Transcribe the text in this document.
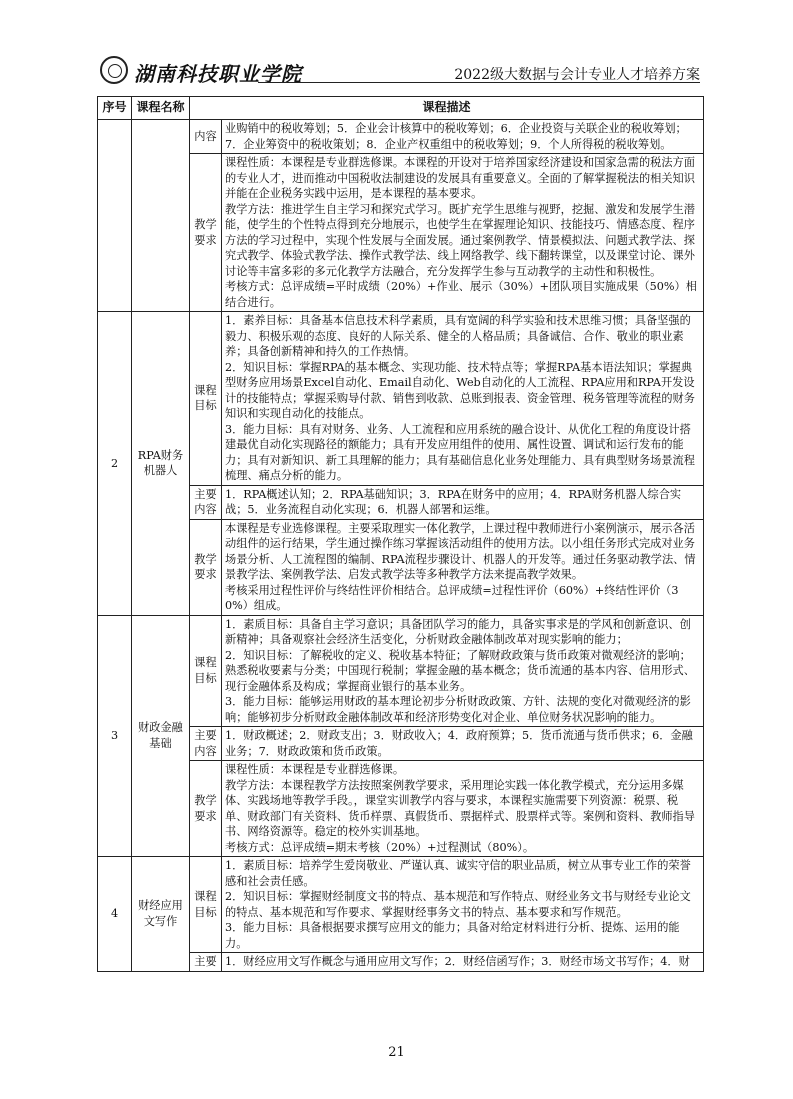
湖南科技职业学院	2022级大数据与会计专业人才培养方案
序号	课程名称	课程描述	
		内容	业购销中的税收筹划；5．企业会计核算中的税收筹划；6．企业投资与关联企业的税收筹划；7．企业筹资中的税收策划；8．企业产权重组中的税收筹划；9．个人所得税的税收筹划。
		教学要求	课程性质：本课程是专业群选修课。本课程的开设对于培养国家经济建设和国家急需的税法方面的专业人才，进而推动中国税收法制建设的发展具有重要意义。全面的了解掌握税法的相关知识并能在企业税务实践中运用，是本课程的基本要求。

教学方法：推进学生自主学习和探究式学习。既扩充学生思维与视野，挖掘、激发和发展学生潜能，使学生的个性特点得到充分地展示，也使学生在掌握理论知识、技能技巧、情感态度、程序方法的学习过程中，实现个性发展与全面发展。通过案例教学、情景模拟法、问题式教学法、探究式教学、体验式教学法、操作式教学法、线上网络教学、线下翻转课堂，以及课堂讨论、课外讨论等丰富多彩的多元化教学方法融合，充分发挥学生参与互动教学的主动性和积极性。

考核方式：总评成绩=平时成绩（20%）+作业、展示（30%）+团队项目实施成果（50%）相结合进行。

2	RPA财务机器人	课程目标	1．素养目标：具备基本信息技术科学素质，具有宽阔的科学实验和技术思维习惯；具备坚强的毅力、积极乐观的态度、良好的人际关系、健全的人格品质；具备诚信、合作、敬业的职业素养；具备创新精神和持久的工作热情。

2．知识目标：掌握RPA的基本概念、实现功能、技术特点等；掌握RPA基本语法知识；掌握典型财务应用场景Excel自动化、Email自动化、Web自动化的人工流程、RPA应用和RPA开发设计的技能特点；掌握采购导付款、销售到收款、总账到报表、资金管理、税务管理等流程的财务知识和实现自动化的技能点。

3．能力目标：具有对财务、业务、人工流程和应用系统的融合设计、从优化工程的角度设计搭建最优自动化实现路径的额能力；具有开发应用组件的使用、属性设置、调试和运行发布的能力；具有对新知识、新工具理解的能力；具有基础信息化业务处理能力、具有典型财务场景流程梳理、痛点分析的能力。

		主要内容	1．RPA概述认知；2．RPA基础知识；3．RPA在财务中的应用；4．RPA财务机器人综合实战；5．业务流程自动化实现；6．机器人部署和运维。
		教学要求	本课程是专业选修课程。主要采取理实一体化教学，上课过程中教师进行小案例演示，展示各活动组件的运行结果，学生通过操作练习掌握该活动组件的使用方法。以小组任务形式完成对业务场景分析、人工流程图的编制、RPA流程步骤设计、机器人的开发等。通过任务驱动教学法、情景教学法、案例教学法、启发式教学法等多种教学方法来提高教学效果。

考核采用过程性评价与终结性评价相结合。总评成绩=过程性评价（60%）+终结性评价（30%）组成。

3	财政金融基础	课程目标	1．素质目标：具备自主学习意识；具备团队学习的能力，具备实事求是的学风和创新意识、创新精神；具备观察社会经济生活变化，分析财政金融体制改革对现实影响的能力；

2．知识目标：了解税收的定义、税收基本特征；了解财政政策与货币政策对微观经济的影响；熟悉税收要素与分类；中国现行税制；掌握金融的基本概念；货币流通的基本内容、信用形式、现行金融体系及构成；掌握商业银行的基本业务。

3．能力目标：能够运用财政的基本理论初步分析财政政策、方针、法规的变化对微观经济的影响；能够初步分析财政金融体制改革和经济形势变化对企业、单位财务状况影响的能力。

		主要内容	1．财政概述；2．财政支出；3．财政收入；4．政府预算；5．货币流通与货币供求；6．金融业务；7．财政政策和货币政策。
		教学要求	课程性质：本课程是专业群选修课。

教学方法：本课程教学方法按照案例教学要求，采用理论实践一体化教学模式，充分运用多媒体、实践场地等教学手段。，课堂实训教学内容与要求，本课程实施需要下列资源：税票、税单、财政部门有关资料、货币样票、真假货币、票据样式、股票样式等。案例和资料、教师指导书、网络资源等。稳定的校外实训基地。

考核方式：总评成绩=期末考核（20%）+过程测试（80%）。

4	财经应用文写作	课程目标	1．素质目标：培养学生爱岗敬业、严谨认真、诚实守信的职业品质，树立从事专业工作的荣誉感和社会责任感。

2．知识目标：掌握财经制度文书的特点、基本规范和写作特点、财经业务文书与财经专业论文的特点、基本规范和写作要求、掌握财经事务文书的特点、基本要求和写作规范。

3．能力目标：具备根据要求撰写应用文的能力；具备对给定材料进行分析、提炼、运用的能力。

		主要	1．财经应用文写作概念与通用应用文写作；2．财经信函写作；3．财经市场文书写作；4．财
21
